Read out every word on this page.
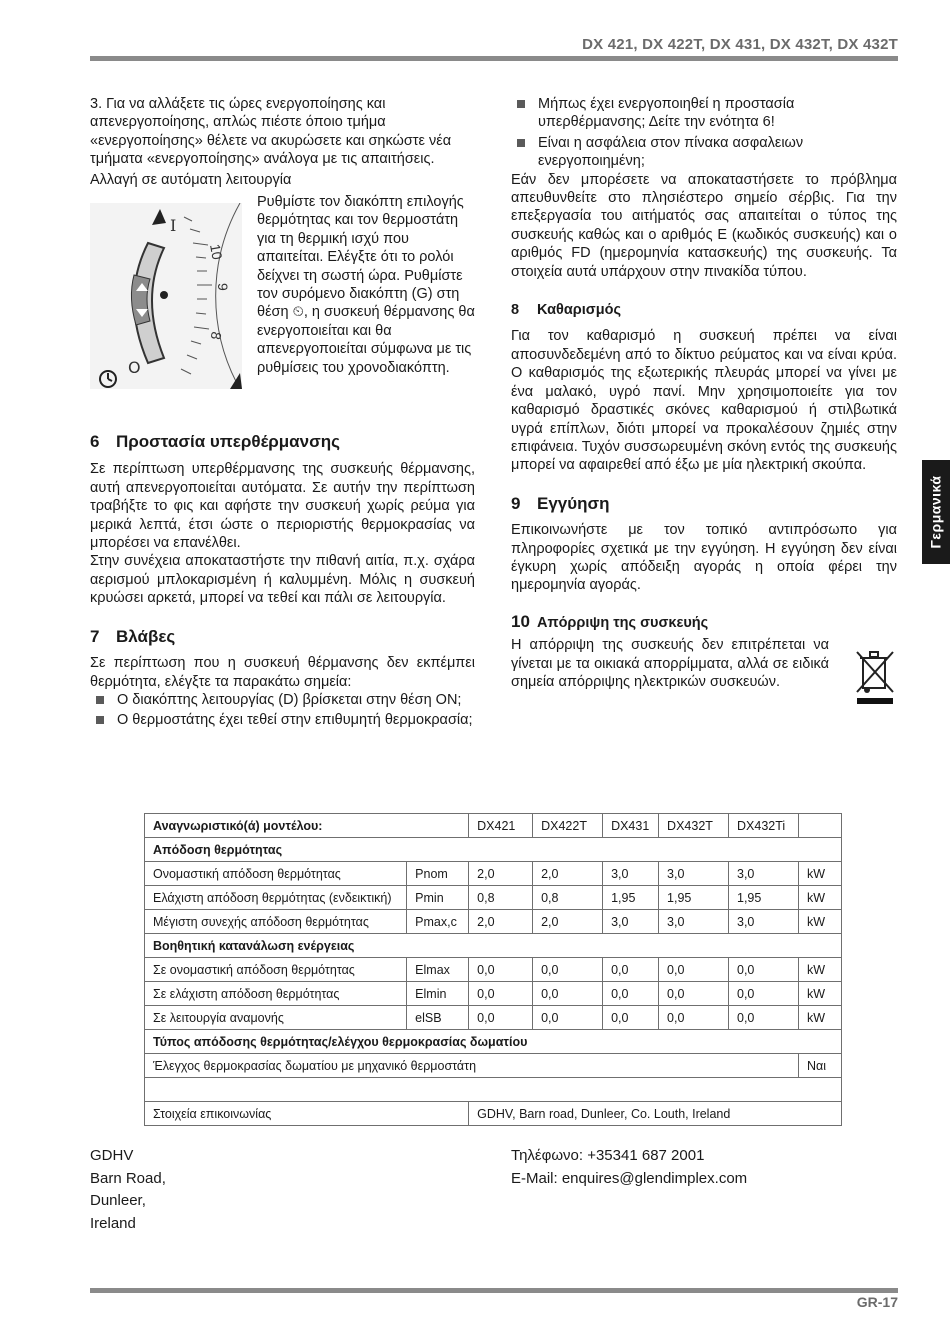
DX 421, DX 422T, DX 431, DX 432T, DX 432T

3. Για να αλλάξετε τις ώρες ενεργοποίησης και απενεργοποίησης, απλώς πιέστε όποιο τμήμα «ενεργοποίησης» θέλετε να ακυρώσετε και σηκώστε νέα τμήματα «ενεργοποίησης» ανάλογα με τις απαιτήσεις.

Αλλαγή σε αυτόματη λειτουργία

I
O
10
9
8

Ρυθμίστε τον διακόπτη επιλογής θερμότητας και τον θερμοστάτη για τη θερμική ισχύ που απαιτείται. Ελέγξτε ότι το ρολόι δείχνει τη σωστή ώρα. Ρυθμίστε τον συρόμενο διακόπτη (G) στη θέση ⏲, η συσκευή θέρμανσης θα ενεργοποιείται και θα απενεργοποιείται σύμφωνα με τις ρυθμίσεις του χρονοδιακόπτη.

6 Προστασία υπερθέρμανσης

Σε περίπτωση υπερθέρμανσης της συσκευής θέρμανσης, αυτή απενεργοποιείται αυτόματα. Σε αυτήν την περίπτωση τραβήξτε το φις και αφήστε την συσκευή χωρίς ρεύμα για μερικά λεπτά, έτσι ώστε ο περιοριστής θερμοκρασίας να μπορέσει να επανέλθει.

Στην συνέχεια αποκαταστήστε την πιθανή αιτία, π.χ. σχάρα αερισμού μπλοκαρισμένη ή καλυμμένη. Μόλις η συσκευή κρυώσει αρκετά, μπορεί να τεθεί και πάλι σε λειτουργία.

7 Βλάβες

Σε περίπτωση που η συσκευή θέρμανσης δεν εκπέμπει θερμότητα, ελέγξτε τα παρακάτω σημεία:

Ο διακόπτης λειτουργίας (D) βρίσκεται στην θέση ON;
Ο θερμοστάτης έχει τεθεί στην επιθυμητή θερμοκρασία;
Μήπως έχει ενεργοποιηθεί η προστασία υπερθέρμανσης; Δείτε την ενότητα 6!
Είναι η ασφάλεια στον πίνακα ασφαλειων ενεργοποιημένη;

Εάν δεν μπορέσετε να αποκαταστήσετε το πρόβλημα απευθυνθείτε στο πλησιέστερο σημείο σέρβις. Για την επεξεργασία του αιτήματός σας απαιτείται ο τύπος της συσκευής καθώς και ο αριθμός Ε (κωδικός συσκευής) και ο αριθμός FD (ημερομηνία κατασκευής) της συσκευής. Τα στοιχεία αυτά υπάρχουν στην πινακίδα τύπου.

8 Καθαρισμός

Για τον καθαρισμό η συσκευή πρέπει να είναι αποσυνδεδεμένη από το δίκτυο ρεύματος και να είναι κρύα. Ο καθαρισμός της εξωτερικής πλευράς μπορεί να γίνει με ένα μαλακό, υγρό πανί. Μην χρησιμοποιείτε για τον καθαρισμό δραστικές σκόνες καθαρισμού ή στιλβωτικά υγρά επίπλων, διότι μπορεί να προκαλέσουν ζημιές στην επιφάνεια. Τυχόν συσσωρευμένη σκόνη εντός της συσκευής μπορεί να αφαιρεθεί από έξω με μία ηλεκτρική σκούπα.

9 Εγγύηση

Επικοινωνήστε με τον τοπικό αντιπρόσωπο για πληροφορίες σχετικά με την εγγύηση. Η εγγύηση δεν είναι έγκυρη χωρίς απόδειξη αγοράς η οποία φέρει την ημερομηνία αγοράς.

10 Απόρριψη της συσκευής

Η απόρριψη της συσκευής δεν επιτρέπεται να γίνεται με τα οικιακά απορρίμματα, αλλά σε ειδικά σημεία απόρριψης ηλεκτρικών συσκευών.

Γερμανικά
Αναγνωριστικό(ά) μοντέλου:		DX421	DX422T	DX431	DX432T	DX432Ti	
Απόδοση θερμότητας							
Ονομαστική απόδοση θερμότητας	Pnom	2,0	2,0	3,0	3,0	3,0	kW
Ελάχιστη απόδοση θερμότητας (ενδεικτική)	Pmin	0,8	0,8	1,95	1,95	1,95	kW
Μέγιστη συνεχής απόδοση θερμότητας	Pmax,c	2,0	2,0	3,0	3,0	3,0	kW
Βοηθητική κατανάλωση ενέργειας							
Σε ονομαστική απόδοση θερμότητας	Elmax	0,0	0,0	0,0	0,0	0,0	kW
Σε ελάχιστη απόδοση θερμότητας	Elmin	0,0	0,0	0,0	0,0	0,0	kW
Σε λειτουργία αναμονής	elSB	0,0	0,0	0,0	0,0	0,0	kW
Τύπος απόδοσης θερμότητας/ελέγχου θερμοκρασίας δωματίου							
Έλεγχος θερμοκρασίας δωματίου με μηχανικό θερμοστάτη							Ναι

Στοιχεία επικοινωνίας		GDHV, Barn road, Dunleer, Co. Louth, Ireland					
GDHV
Barn Road,
Dunleer,
Ireland
Τηλέφωνο: +35341 687 2001
E-Mail: enquires@glendimplex.com
GR-17
